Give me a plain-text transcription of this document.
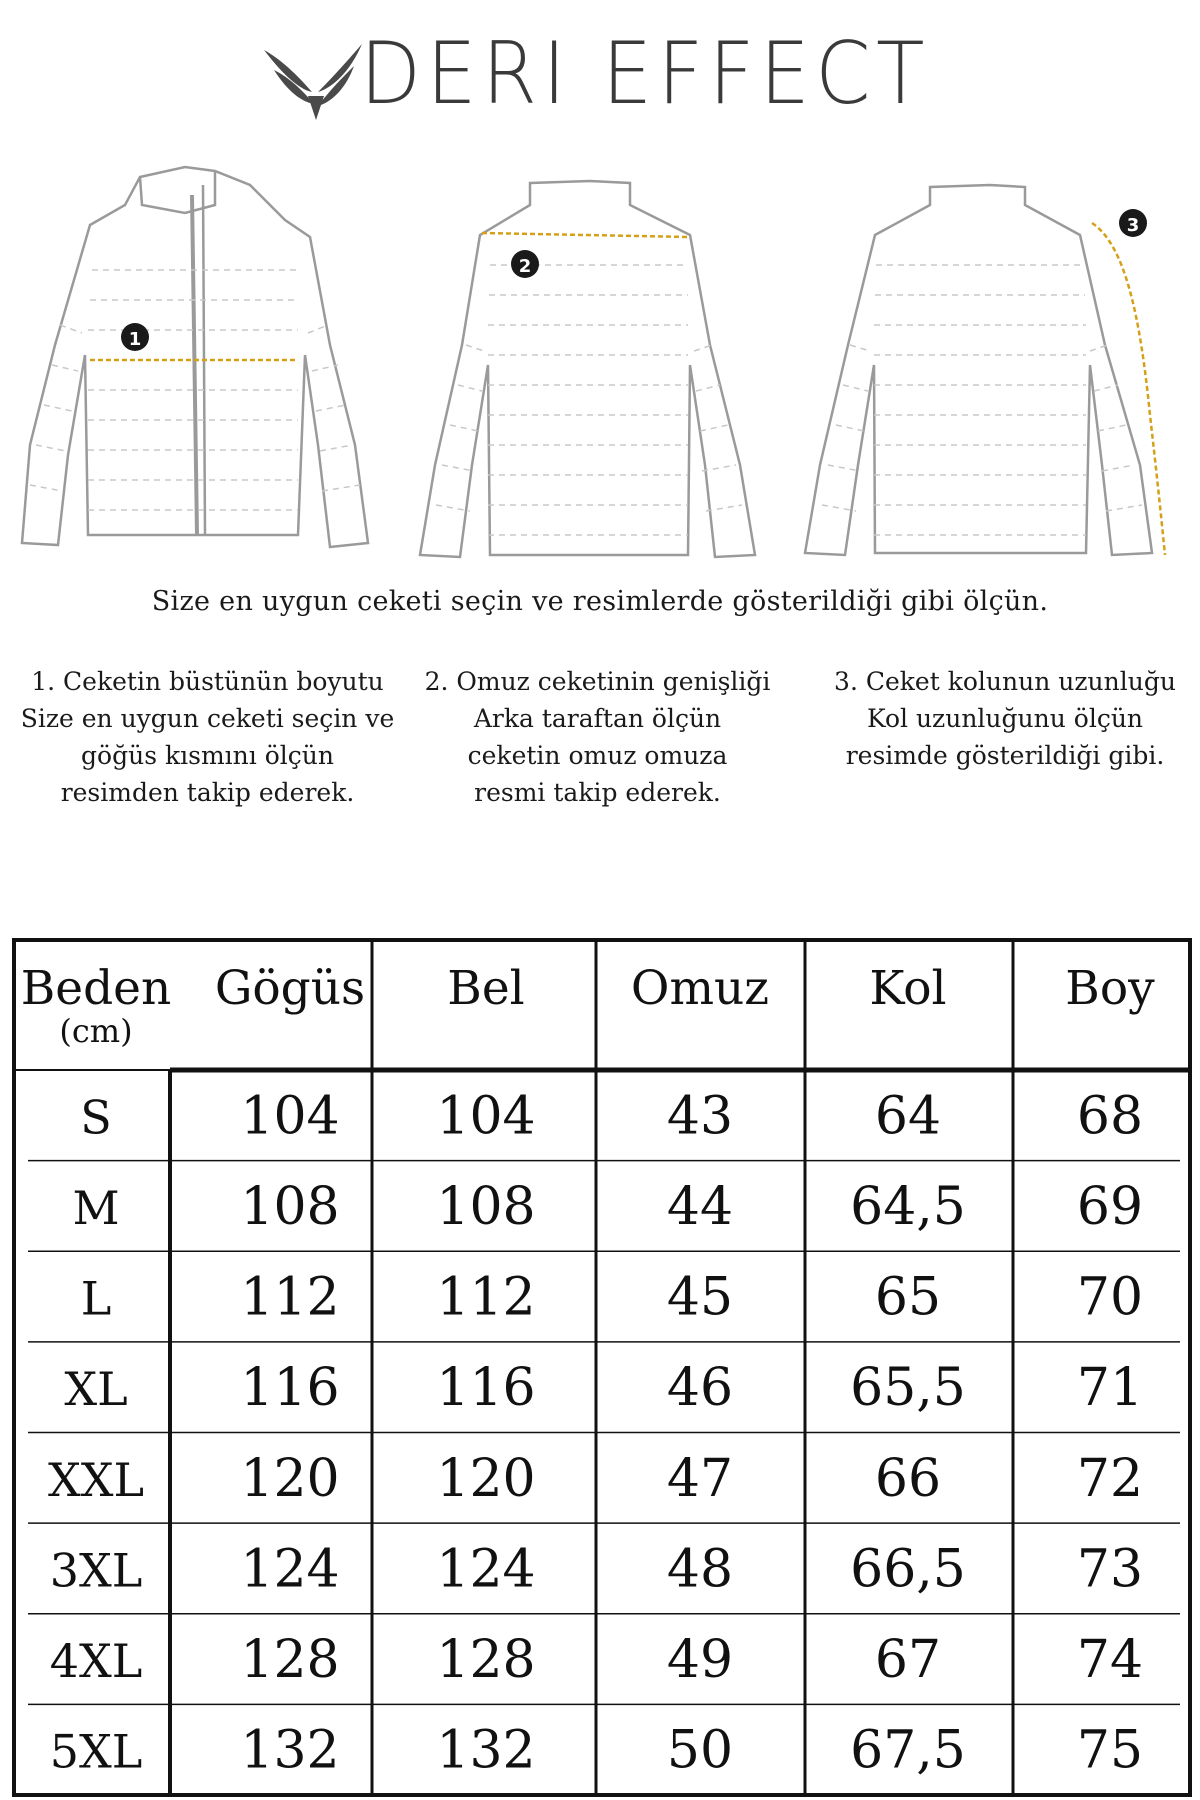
DERI EFFECT
1
2
3
Size en uygun ceketi seçin ve resimlerde gösterildiği gibi ölçün.
1. Ceketin büstünün boyutu
Size en uygun ceketi seçin ve
göğüs kısmını ölçün
resimden takip ederek.
2. Omuz ceketinin genişliği
Arka taraftan ölçün
ceketin omuz omuza
resmi takip ederek.
3. Ceket kolunun uzunluğu
Kol uzunluğunu ölçün
resimde gösterildiği gibi.
Beden Gögüs Bel Omuz Kol	Boy
(cm)
S 104 104	43	64	68
M 108 108	44 64,5 69
L 112 112	45	65	70
XL 116 116	46 65,5 71
XXL 120 120	47	66	72
3XL 124 124	48 66,5 73
4XL 128 128	49	67	74
5XL 132 132	50 67,5 75
